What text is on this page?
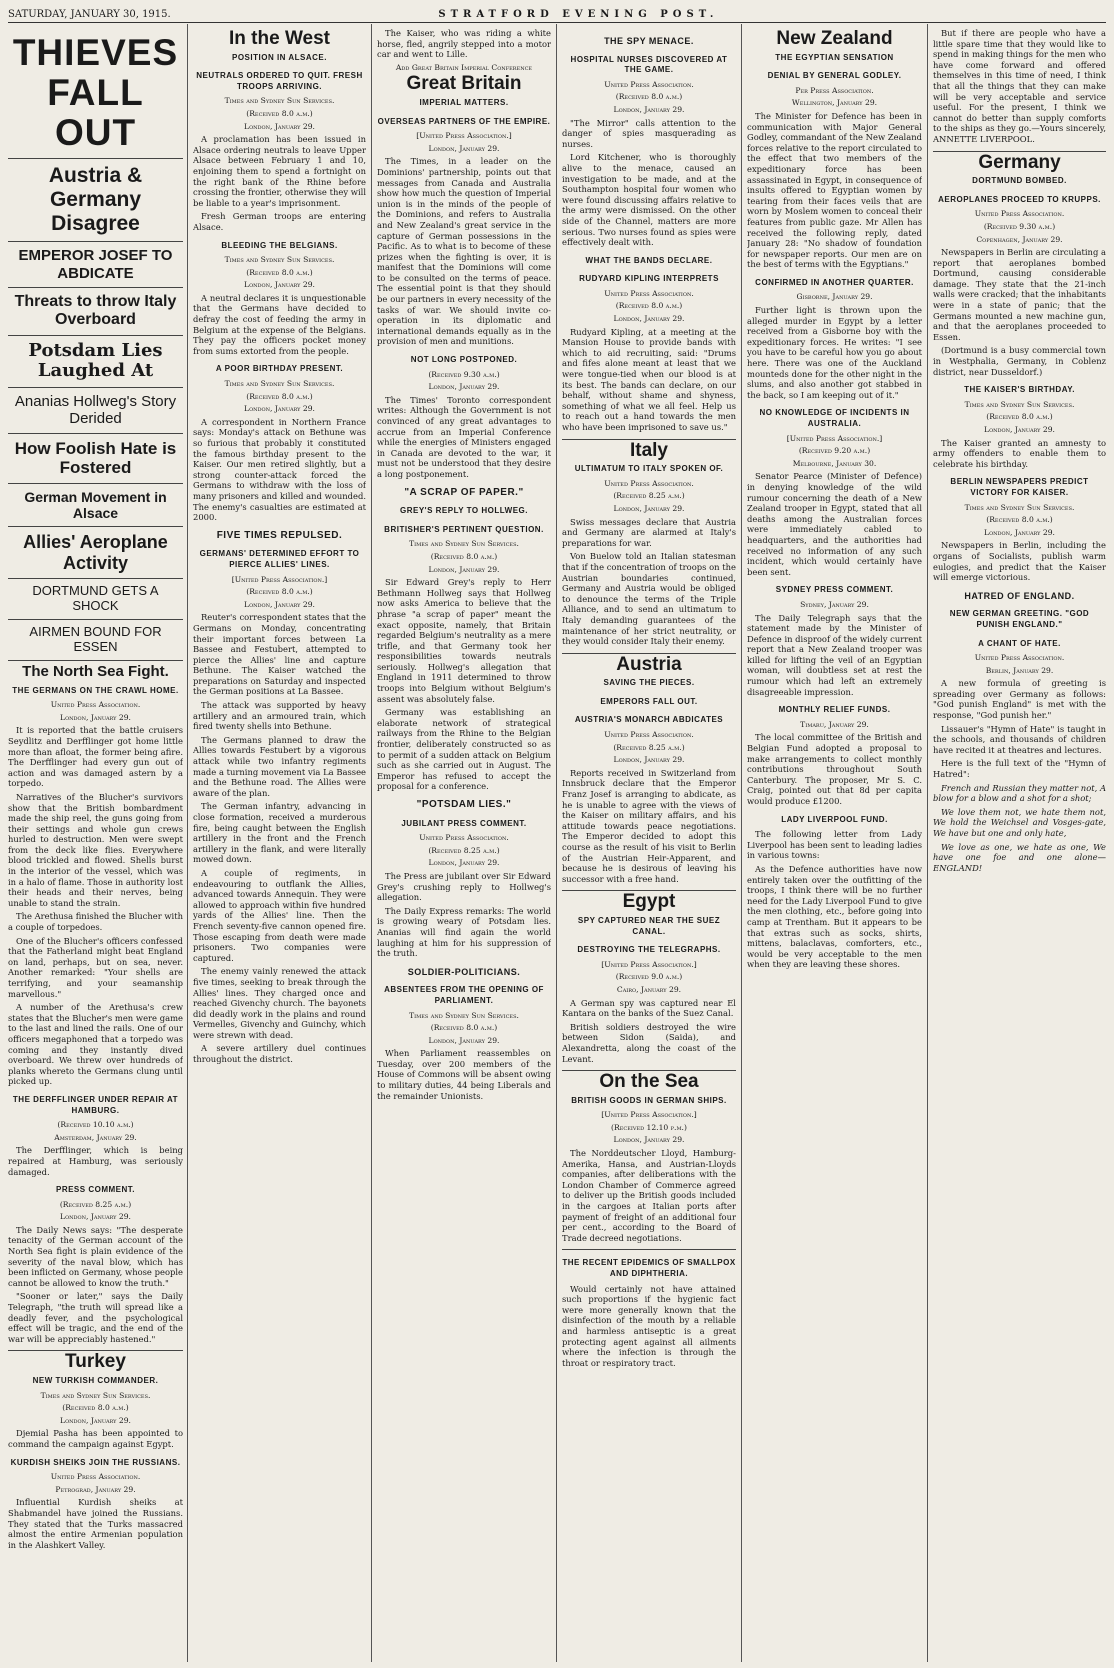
SATURDAY, JANUARY 30, 1915.	STRATFORD EVENING POST.
THIEVES FALL OUT
Austria & Germany Disagree
EMPEROR JOSEF TO ABDICATE
Threats to throw Italy Overboard
Potsdam Lies Laughed At
Ananias Hollweg's Story Derided
How Foolish Hate is Fostered
German Movement in Alsace
Allies' Aeroplane Activity
DORTMUND GETS A SHOCK
AIRMEN BOUND FOR ESSEN
The North Sea Fight.
THE GERMANS ON THE CRAWL HOME.
United Press Association.
London, January 29.

It is reported that the battle cruisers Seydlitz and Derfflinger got home little more than afloat, the former being afire. The Derfflinger had every gun out of action and was damaged astern by a torpedo.

Narratives of the Blucher's survivors show that the British bombardment made the ship reel, the guns going from their settings and whole gun crews hurled to destruction. Men were swept from the deck like flies. Everywhere blood trickled and flowed. Shells burst in the interior of the vessel, which was in a halo of flame. Those in authority lost their heads and their nerves, being unable to stand the strain.

The Arethusa finished the Blucher with a couple of torpedoes.

One of the Blucher's officers confessed that the Fatherland might beat England on land, perhaps, but on sea, never. Another remarked: "Your shells are terrifying, and your seamanship marvellous."

A number of the Arethusa's crew states that the Blucher's men were game to the last and lined the rails. One of our officers megaphoned that a torpedo was coming and they instantly dived overboard. We threw over hundreds of planks whereto the Germans clung until picked up.

THE DERFFLINGER UNDER REPAIR AT HAMBURG.
(Received 10.10 a.m.)
Amsterdam, January 29.

The Derfflinger, which is being repaired at Hamburg, was seriously damaged.

PRESS COMMENT.
(Received 8.25 a.m.)
London, January 29.

The Daily News says: "The desperate tenacity of the German account of the North Sea fight is plain evidence of the severity of the naval blow, which has been inflicted on Germany, whose people cannot be allowed to know the truth."

"Sooner or later," says the Daily Telegraph, "the truth will spread like a deadly fever, and the psychological effect will be tragic, and the end of the war will be appreciably hastened."

Turkey
NEW TURKISH COMMANDER.
Times and Sydney Sun Services.
(Received 8.0 a.m.)
London, January 29.

Djemial Pasha has been appointed to command the campaign against Egypt.

KURDISH SHEIKS JOIN THE RUSSIANS.
United Press Association.
Petrograd, January 29.

Influential Kurdish sheiks at Shabmandel have joined the Russians. They stated that the Turks massacred almost the entire Armenian population in the Alashkert Valley.

In the West
POSITION IN ALSACE.
NEUTRALS ORDERED TO QUIT. FRESH TROOPS ARRIVING.
Times and Sydney Sun Services.
(Received 8.0 a.m.)
London, January 29.

A proclamation has been issued in Alsace ordering neutrals to leave Upper Alsace between February 1 and 10, enjoining them to spend a fortnight on the right bank of the Rhine before crossing the frontier, otherwise they will be liable to a year's imprisonment.

Fresh German troops are entering Alsace.

BLEEDING THE BELGIANS.
Times and Sydney Sun Services.
(Received 8.0 a.m.)
London, January 29.

A neutral declares it is unquestionable that the Germans have decided to defray the cost of feeding the army in Belgium at the expense of the Belgians. They pay the officers pocket money from sums extorted from the people.

A POOR BIRTHDAY PRESENT.
Times and Sydney Sun Services.
(Received 8.0 a.m.)
London, January 29.

A correspondent in Northern France says: Monday's attack on Bethune was so furious that probably it constituted the famous birthday present to the Kaiser. Our men retired slightly, but a strong counter-attack forced the Germans to withdraw with the loss of many prisoners and killed and wounded. The enemy's casualties are estimated at 2000.

FIVE TIMES REPULSED.
GERMANS' DETERMINED EFFORT TO PIERCE ALLIES' LINES.
[United Press Association.]
(Received 8.0 a.m.)
London, January 29.

Reuter's correspondent states that the Germans on Monday, concentrating their important forces between La Bassee and Festubert, attempted to pierce the Allies' line and capture Bethune. The Kaiser watched the preparations on Saturday and inspected the German positions at La Bassee.

The attack was supported by heavy artillery and an armoured train, which fired twenty shells into Bethune.

The Germans planned to draw the Allies towards Festubert by a vigorous attack while two infantry regiments made a turning movement via La Bassee and the Bethune road. The Allies were aware of the plan.

The German infantry, advancing in close formation, received a murderous fire, being caught between the English artillery in the front and the French artillery in the flank, and were literally mowed down.

A couple of regiments, in endeavouring to outflank the Allies, advanced towards Annequin. They were allowed to approach within five hundred yards of the Allies' line. Then the French seventy-five cannon opened fire. Those escaping from death were made prisoners. Two companies were captured.

The enemy vainly renewed the attack five times, seeking to break through the Allies' lines. They charged once and reached Givenchy church. The bayonets did deadly work in the plains and round Vermelles, Givenchy and Guinchy, which were strewn with dead.

A severe artillery duel continues throughout the district.

The Kaiser, who was riding a white horse, fled, angrily stepped into a motor car and went to Lille.

Add Great Britain Imperial Conference
Great Britain
IMPERIAL MATTERS.
OVERSEAS PARTNERS OF THE EMPIRE.
[United Press Association.]
London, January 29.

The Times, in a leader on the Dominions' partnership, points out that messages from Canada and Australia show how much the question of Imperial union is in the minds of the people of the Dominions, and refers to Australia and New Zealand's great service in the capture of German possessions in the Pacific. As to what is to become of these prizes when the fighting is over, it is manifest that the Dominions will come to be consulted on the terms of peace. The essential point is that they should be our partners in every necessity of the tasks of war. We should invite co-operation in its diplomatic and international demands equally as in the provision of men and munitions.

NOT LONG POSTPONED.
(Received 9.30 a.m.)
London, January 29.

The Times' Toronto correspondent writes: Although the Government is not convinced of any great advantages to accrue from an Imperial Conference while the energies of Ministers engaged in Canada are devoted to the war, it must not be understood that they desire a long postponement.

"A SCRAP OF PAPER."
GREY'S REPLY TO HOLLWEG.
BRITISHER'S PERTINENT QUESTION.
Times and Sydney Sun Services.
(Received 8.0 a.m.)
London, January 29.

Sir Edward Grey's reply to Herr Bethmann Hollweg says that Hollweg now asks America to believe that the phrase "a scrap of paper" meant the exact opposite, namely, that Britain regarded Belgium's neutrality as a mere trifle, and that Germany took her responsibilities towards neutrals seriously. Hollweg's allegation that England in 1911 determined to throw troops into Belgium without Belgium's assent was absolutely false.

Germany was establishing an elaborate network of strategical railways from the Rhine to the Belgian frontier, deliberately constructed so as to permit of a sudden attack on Belgium such as she carried out in August. The Emperor has refused to accept the proposal for a conference.

"POTSDAM LIES."
JUBILANT PRESS COMMENT.
United Press Association.
(Received 8.25 a.m.)
London, January 29.

The Press are jubilant over Sir Edward Grey's crushing reply to Hollweg's allegation.

The Daily Express remarks: The world is growing weary of Potsdam lies. Ananias will find again the world laughing at him for his suppression of the truth.

SOLDIER-POLITICIANS.
ABSENTEES FROM THE OPENING OF PARLIAMENT.
Times and Sydney Sun Services.
(Received 8.0 a.m.)
London, January 29.

When Parliament reassembles on Tuesday, over 200 members of the House of Commons will be absent owing to military duties, 44 being Liberals and the remainder Unionists.

THE SPY MENACE.
HOSPITAL NURSES DISCOVERED AT THE GAME.
United Press Association.
(Received 8.0 a.m.)
London, January 29.

"The Mirror" calls attention to the danger of spies masquerading as nurses.

Lord Kitchener, who is thoroughly alive to the menace, caused an investigation to be made, and at the Southampton hospital four women who were found discussing affairs relative to the army were dismissed. On the other side of the Channel, matters are more serious. Two nurses found as spies were effectively dealt with.

WHAT THE BANDS DECLARE.
RUDYARD KIPLING INTERPRETS
United Press Association.
(Received 8.0 a.m.)
London, January 29.

Rudyard Kipling, at a meeting at the Mansion House to provide bands with which to aid recruiting, said: "Drums and fifes alone meant at least that we were tongue-tied when our blood is at its best. The bands can declare, on our behalf, without shame and shyness, something of what we all feel. Help us to reach out a hand towards the men who have been imprisoned to save us."

Italy
ULTIMATUM TO ITALY SPOKEN OF.
United Press Association.
(Received 8.25 a.m.)
London, January 29.

Swiss messages declare that Austria and Germany are alarmed at Italy's preparations for war.

Von Buelow told an Italian statesman that if the concentration of troops on the Austrian boundaries continued, Germany and Austria would be obliged to denounce the terms of the Triple Alliance, and to send an ultimatum to Italy demanding guarantees of the maintenance of her strict neutrality, or they would consider Italy their enemy.

Austria
SAVING THE PIECES.
EMPERORS FALL OUT.
AUSTRIA'S MONARCH ABDICATES
United Press Association.
(Received 8.25 a.m.)
London, January 29.

Reports received in Switzerland from Innsbruck declare that the Emperor Franz Josef is arranging to abdicate, as he is unable to agree with the views of the Kaiser on military affairs, and his attitude towards peace negotiations. The Emperor decided to adopt this course as the result of his visit to Berlin of the Austrian Heir-Apparent, and because he is desirous of leaving his successor with a free hand.

Egypt
SPY CAPTURED NEAR THE SUEZ CANAL.
DESTROYING THE TELEGRAPHS.
[United Press Association.]
(Received 9.0 a.m.)
Cairo, January 29.

A German spy was captured near El Kantara on the banks of the Suez Canal.

British soldiers destroyed the wire between Sidon (Saida), and Alexandretta, along the coast of the Levant.

On the Sea
BRITISH GOODS IN GERMAN SHIPS.
[United Press Association.]
(Received 12.10 p.m.)
London, January 29.

The Norddeutscher Lloyd, Hamburg-Amerika, Hansa, and Austrian-Lloyds companies, after deliberations with the London Chamber of Commerce agreed to deliver up the British goods included in the cargoes at Italian ports after payment of freight of an additional four per cent., according to the Board of Trade decreed negotiations.

THE RECENT EPIDEMICS OF SMALLPOX AND DIPHTHERIA.

Would certainly not have attained such proportions if the hygienic fact were more generally known that the disinfection of the mouth by a reliable and harmless antiseptic is a great protecting agent against all ailments where the infection is through the throat or respiratory tract.

New Zealand
THE EGYPTIAN SENSATION
DENIAL BY GENERAL GODLEY.
Per Press Association.
Wellington, January 29.

The Minister for Defence has been in communication with Major General Godley, commandant of the New Zealand forces relative to the report circulated to the effect that two members of the expeditionary force has been assassinated in Egypt, in consequence of insults offered to Egyptian women by tearing from their faces veils that are worn by Moslem women to conceal their features from public gaze. Mr Allen has received the following reply, dated January 28: "No shadow of foundation for newspaper reports. Our men are on the best of terms with the Egyptians."

CONFIRMED IN ANOTHER QUARTER.
Gisborne, January 29.

Further light is thrown upon the alleged murder in Egypt by a letter received from a Gisborne boy with the expeditionary forces. He writes: "I see you have to be careful how you go about here. There was one of the Auckland mounteds done for the other night in the slums, and also another got stabbed in the back, so I am keeping out of it."

NO KNOWLEDGE OF INCIDENTS IN AUSTRALIA.
[United Press Association.]
(Received 9.20 a.m.)
Melbourne, January 30.

Senator Pearce (Minister of Defence) in denying knowledge of the wild rumour concerning the death of a New Zealand trooper in Egypt, stated that all deaths among the Australian forces were immediately cabled to headquarters, and the authorities had received no information of any such incident, which would certainly have been sent.

SYDNEY PRESS COMMENT.
Sydney, January 29.

The Daily Telegraph says that the statement made by the Minister of Defence in disproof of the widely current report that a New Zealand trooper was killed for lifting the veil of an Egyptian woman, will doubtless set at rest the rumour which had left an extremely disagreeable impression.

MONTHLY RELIEF FUNDS.
Timaru, January 29.

The local committee of the British and Belgian Fund adopted a proposal to make arrangements to collect monthly contributions throughout South Canterbury. The proposer, Mr S. C. Craig, pointed out that 8d per capita would produce £1200.

LADY LIVERPOOL FUND.

The following letter from Lady Liverpool has been sent to leading ladies in various towns:

As the Defence authorities have now entirely taken over the outfitting of the troops, I think there will be no further need for the Lady Liverpool Fund to give the men clothing, etc., before going into camp at Trentham. But it appears to be that extras such as socks, shirts, mittens, balaclavas, comforters, etc., would be very acceptable to the men when they are leaving these shores.

But if there are people who have a little spare time that they would like to spend in making things for the men who have come forward and offered themselves in this time of need, I think that all the things that they can make will be very acceptable and service useful. For the present, I think we cannot do better than supply comforts to the ships as they go.—Yours sincerely, ANNETTE LIVERPOOL.

Germany
DORTMUND BOMBED.
AEROPLANES PROCEED TO KRUPPS.
United Press Association.
(Received 9.30 a.m.)
Copenhagen, January 29.

Newspapers in Berlin are circulating a report that aeroplanes bombed Dortmund, causing considerable damage. They state that the 21-inch walls were cracked; that the inhabitants were in a state of panic; that the Germans mounted a new machine gun, and that the aeroplanes proceeded to Essen.

(Dortmund is a busy commercial town in Westphalia, Germany, in Coblenz district, near Dusseldorf.)

THE KAISER'S BIRTHDAY.
Times and Sydney Sun Services.
(Received 8.0 a.m.)
London, January 29.

The Kaiser granted an amnesty to army offenders to enable them to celebrate his birthday.

BERLIN NEWSPAPERS PREDICT VICTORY FOR KAISER.
Times and Sydney Sun Services.
(Received 8.0 a.m.)
London, January 29.

Newspapers in Berlin, including the organs of Socialists, publish warm eulogies, and predict that the Kaiser will emerge victorious.

HATRED OF ENGLAND.
NEW GERMAN GREETING. "GOD PUNISH ENGLAND."
A CHANT OF HATE.
United Press Association.
Berlin, January 29.

A new formula of greeting is spreading over Germany as follows: "God punish England" is met with the response, "God punish her."

Lissauer's "Hymn of Hate" is taught in the schools, and thousands of children have recited it at theatres and lectures.

Here is the full text of the "Hymn of Hatred":

French and Russian they matter not, A blow for a blow and a shot for a shot;

We love them not, we hate them not, We hold the Weichsel and Vosges-gate, We have but one and only hate,

We love as one, we hate as one, We have one foe and one alone—ENGLAND!
